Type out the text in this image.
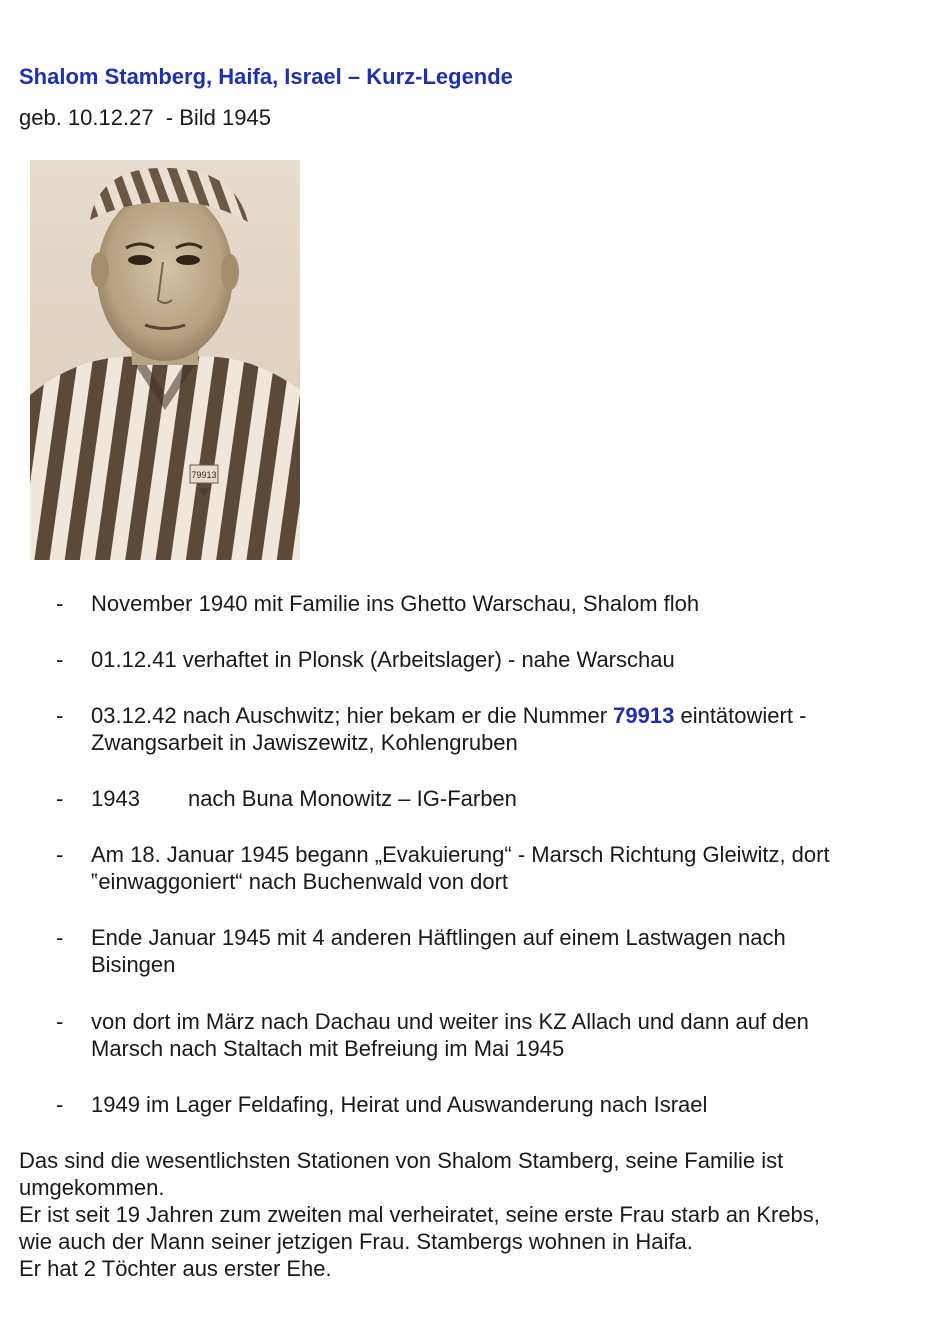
Shalom Stamberg, Haifa, Israel – Kurz-Legende
geb. 10.12.27  - Bild 1945
79913
- November 1940 mit Familie ins Ghetto Warschau, Shalom floh
- 01.12.41 verhaftet in Plonsk (Arbeitslager) - nahe Warschau
- 03.12.42 nach Auschwitz; hier bekam er die Nummer 79913 eintätowiert -
Zwangsarbeit in Jawiszewitz, Kohlengruben
- 1943 nach Buna Monowitz – IG-Farben
- Am 18. Januar 1945 begann „Evakuierung“ - Marsch Richtung Gleiwitz, dort
‟einwaggoniert“ nach Buchenwald von dort
- Ende Januar 1945 mit 4 anderen Häftlingen auf einem Lastwagen nach
Bisingen
- von dort im März nach Dachau und weiter ins KZ Allach und dann auf den
Marsch nach Staltach mit Befreiung im Mai 1945
- 1949 im Lager Feldafing, Heirat und Auswanderung nach Israel

Das sind die wesentlichsten Stationen von Shalom Stamberg, seine Familie ist

umgekommen.

Er ist seit 19 Jahren zum zweiten mal verheiratet, seine erste Frau starb an Krebs,

wie auch der Mann seiner jetzigen Frau. Stambergs wohnen in Haifa.

Er hat 2 Töchter aus erster Ehe.
